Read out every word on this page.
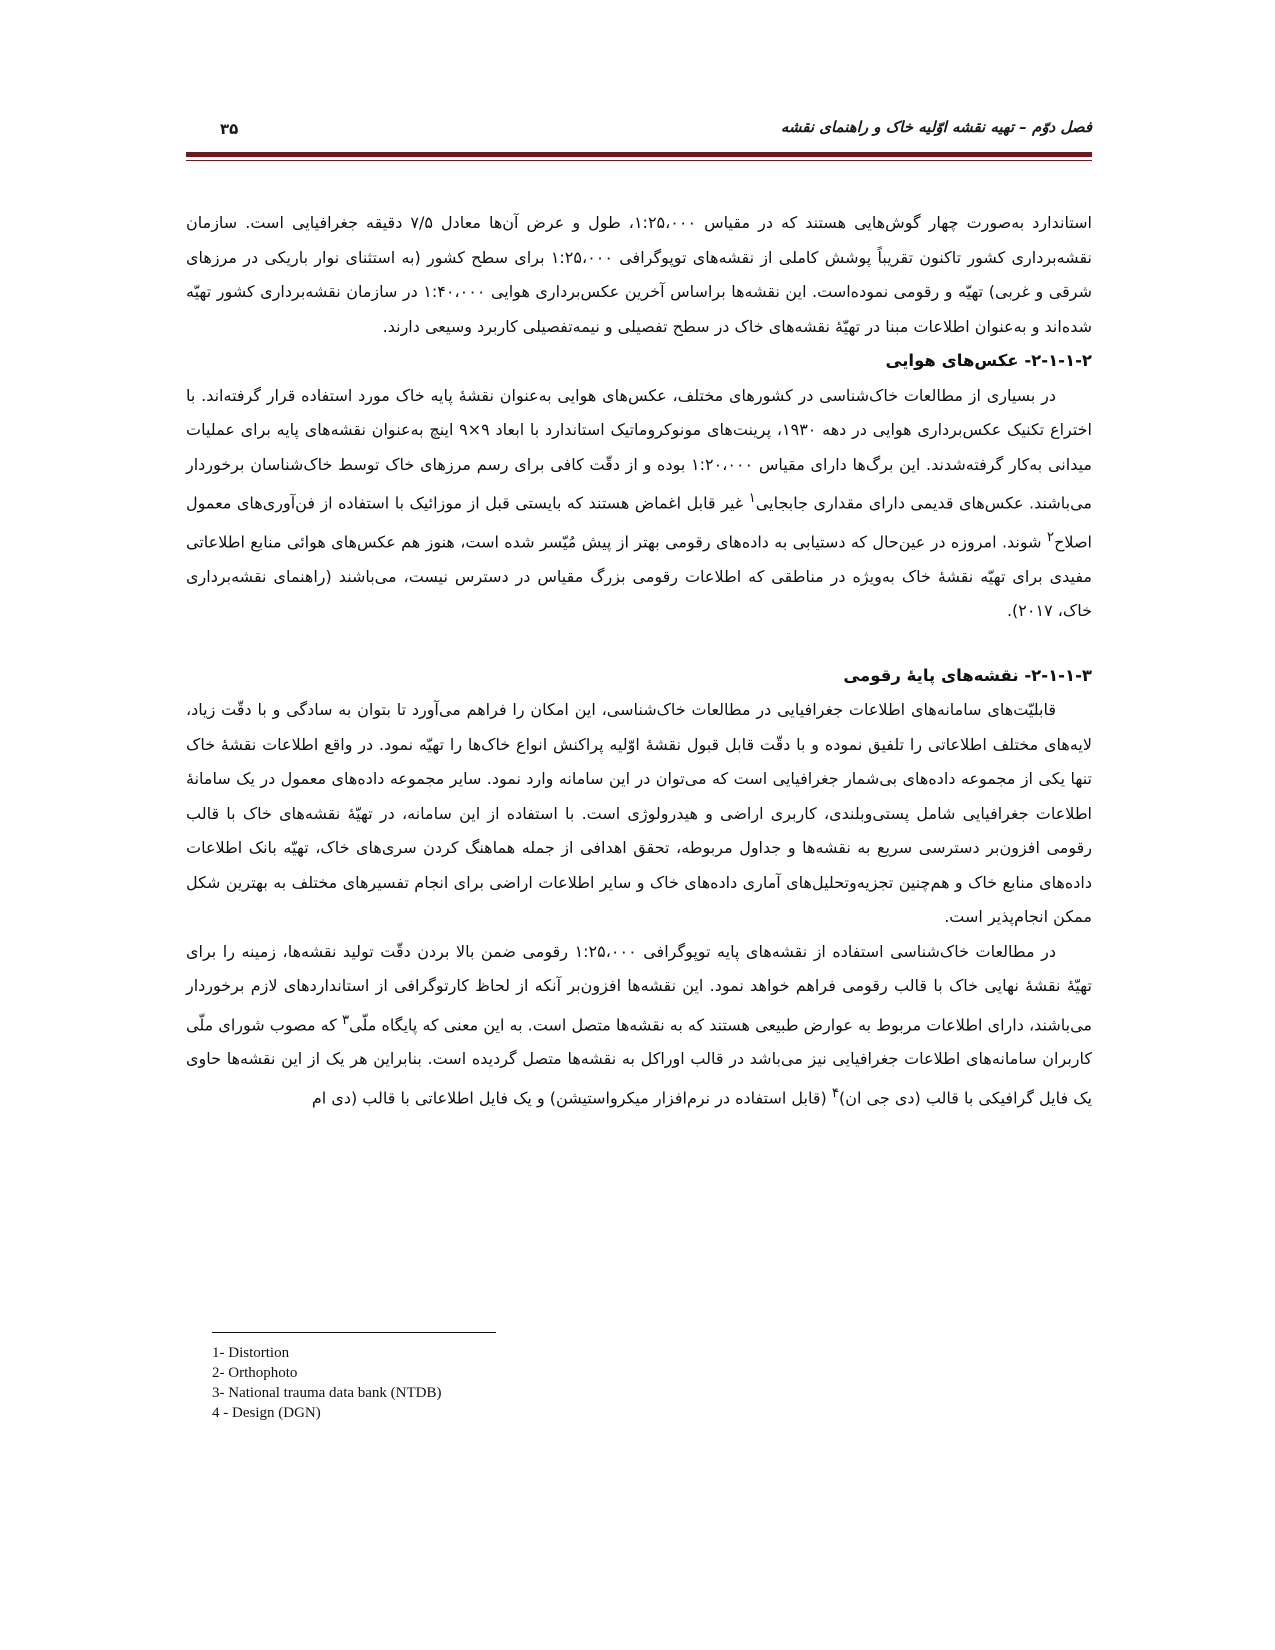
فصل دوّم – تهیه نقشه اوّلیه خاک و راهنمای نقشه
۳۵

استاندارد به‌صورت چهار گوش‌هایی هستند که در مقیاس ۱:۲۵،۰۰۰، طول و عرض آن‌ها معادل ۷/۵ دقیقه جغرافیایی است. سازمان نقشه‌برداری کشور تاکنون تقریباً پوشش کاملی از نقشه‌های توپوگرافی ۱:۲۵،۰۰۰ برای سطح کشور (به استثنای نوار باریکی در مرزهای شرقی و غربی) تهیّه و رقومی نموده‌است. این نقشه‌ها براساس آخرین عکس‌برداری هوایی ۱:۴۰،۰۰۰ در سازمان نقشه‌برداری کشور تهیّه شده‌اند و به‌عنوان اطلاعات مبنا در تهیّهٔ نقشه‌های خاک در سطح تفصیلی و نیمه‌تفصیلی کاربرد وسیعی دارند.

۲-۱-۱-۲- عکس‌های هوایی

در بسیاری از مطالعات خاک‌شناسی در کشورهای مختلف، عکس‌های هوایی به‌عنوان نقشهٔ پایه خاک مورد استفاده قرار گرفته‌اند. با اختراع تکنیک عکس‌برداری هوایی در دهه ۱۹۳۰، پرینت‌های مونوکروماتیک استاندارد با ابعاد ۹×۹ اینچ به‌عنوان نقشه‌های پایه برای عملیات میدانی به‌کار گرفته‌شدند. این برگ‌ها دارای مقیاس ۱:۲۰،۰۰۰ بوده و از دقّت کافی برای رسم مرزهای خاک توسط خاک‌شناسان برخوردار می‌باشند. عکس‌های قدیمی دارای مقداری جابجایی$^۱$ غیر قابل اغماض هستند که بایستی قبل از موزائیک با استفاده از فن‌آوری‌های معمول اصلاح$^۲$ شوند. امروزه در عین‌حال که دستیابی به داده‌های رقومی بهتر از پیش مُیّسر شده است، هنوز هم عکس‌های هوائی منابع اطلاعاتی مفیدی برای تهیّه نقشهٔ خاک به‌ویژه در مناطقی که اطلاعات رقومی بزرگ مقیاس در دسترس نیست، می‌باشند (راهنمای نقشه‌برداری خاک، ۲۰۱۷).

۲-۱-۱-۳- نقشه‌های پایهٔ رقومی

قابلیّت‌های سامانه‌های اطلاعات جغرافیایی در مطالعات خاک‌شناسی، این امکان را فراهم می‌آورد تا بتوان به سادگی و با دقّت زیاد، لایه‌های مختلف اطلاعاتی را تلفیق نموده و با دقّت قابل قبول نقشهٔ اوّلیه پراکنش انواع خاک‌ها را تهیّه نمود. در واقع اطلاعات نقشهٔ خاک تنها یکی از مجموعه داده‌های بی‌شمار جغرافیایی است که می‌توان در این سامانه وارد نمود. سایر مجموعه داده‌های معمول در یک سامانهٔ اطلاعات جغرافیایی شامل پستی‌وبلندی، کاربری اراضی و هیدرولوژی است. با استفاده از این سامانه، در تهیّهٔ نقشه‌های خاک با قالب رقومی افزون‌بر دسترسی سریع به نقشه‌ها و جداول مربوطه، تحقق اهدافی از جمله هماهنگ کردن سری‌های خاک، تهیّه بانک اطلاعات داده‌های منابع خاک و هم‌چنین تجزیه‌وتحلیل‌های آماری داده‌های خاک و سایر اطلاعات اراضی برای انجام تفسیرهای مختلف به بهترین شکل ممکن انجام‌پذیر است.

در مطالعات خاک‌شناسی استفاده از نقشه‌های پایه توپوگرافی ۱:۲۵،۰۰۰ رقومی ضمن بالا بردن دقّت تولید نقشه‌ها، زمینه را برای تهیّهٔ نقشهٔ نهایی خاک با قالب رقومی فراهم خواهد نمود. این نقشه‌ها افزون‌بر آنکه از لحاظ کارتوگرافی از استانداردهای لازم برخوردار می‌باشند، دارای اطلاعات مربوط به عوارض طبیعی هستند که به نقشه‌ها متصل است. به این معنی که پایگاه ملّی$^۳$ که مصوب شورای ملّی کاربران سامانه‌های اطلاعات جغرافیایی نیز می‌باشد در قالب اوراکل به نقشه‌ها متصل گردیده است. بنابراین هر یک از این نقشه‌ها حاوی یک فایل گرافیکی با قالب (دی جی ان)$^۴$ (قابل استفاده در نرم‌افزار میکرواستیشن) و یک فایل اطلاعاتی با قالب (دی ام

1- Distortion
2- Orthophoto
3- National trauma data bank (NTDB)
4 - Design (DGN)
